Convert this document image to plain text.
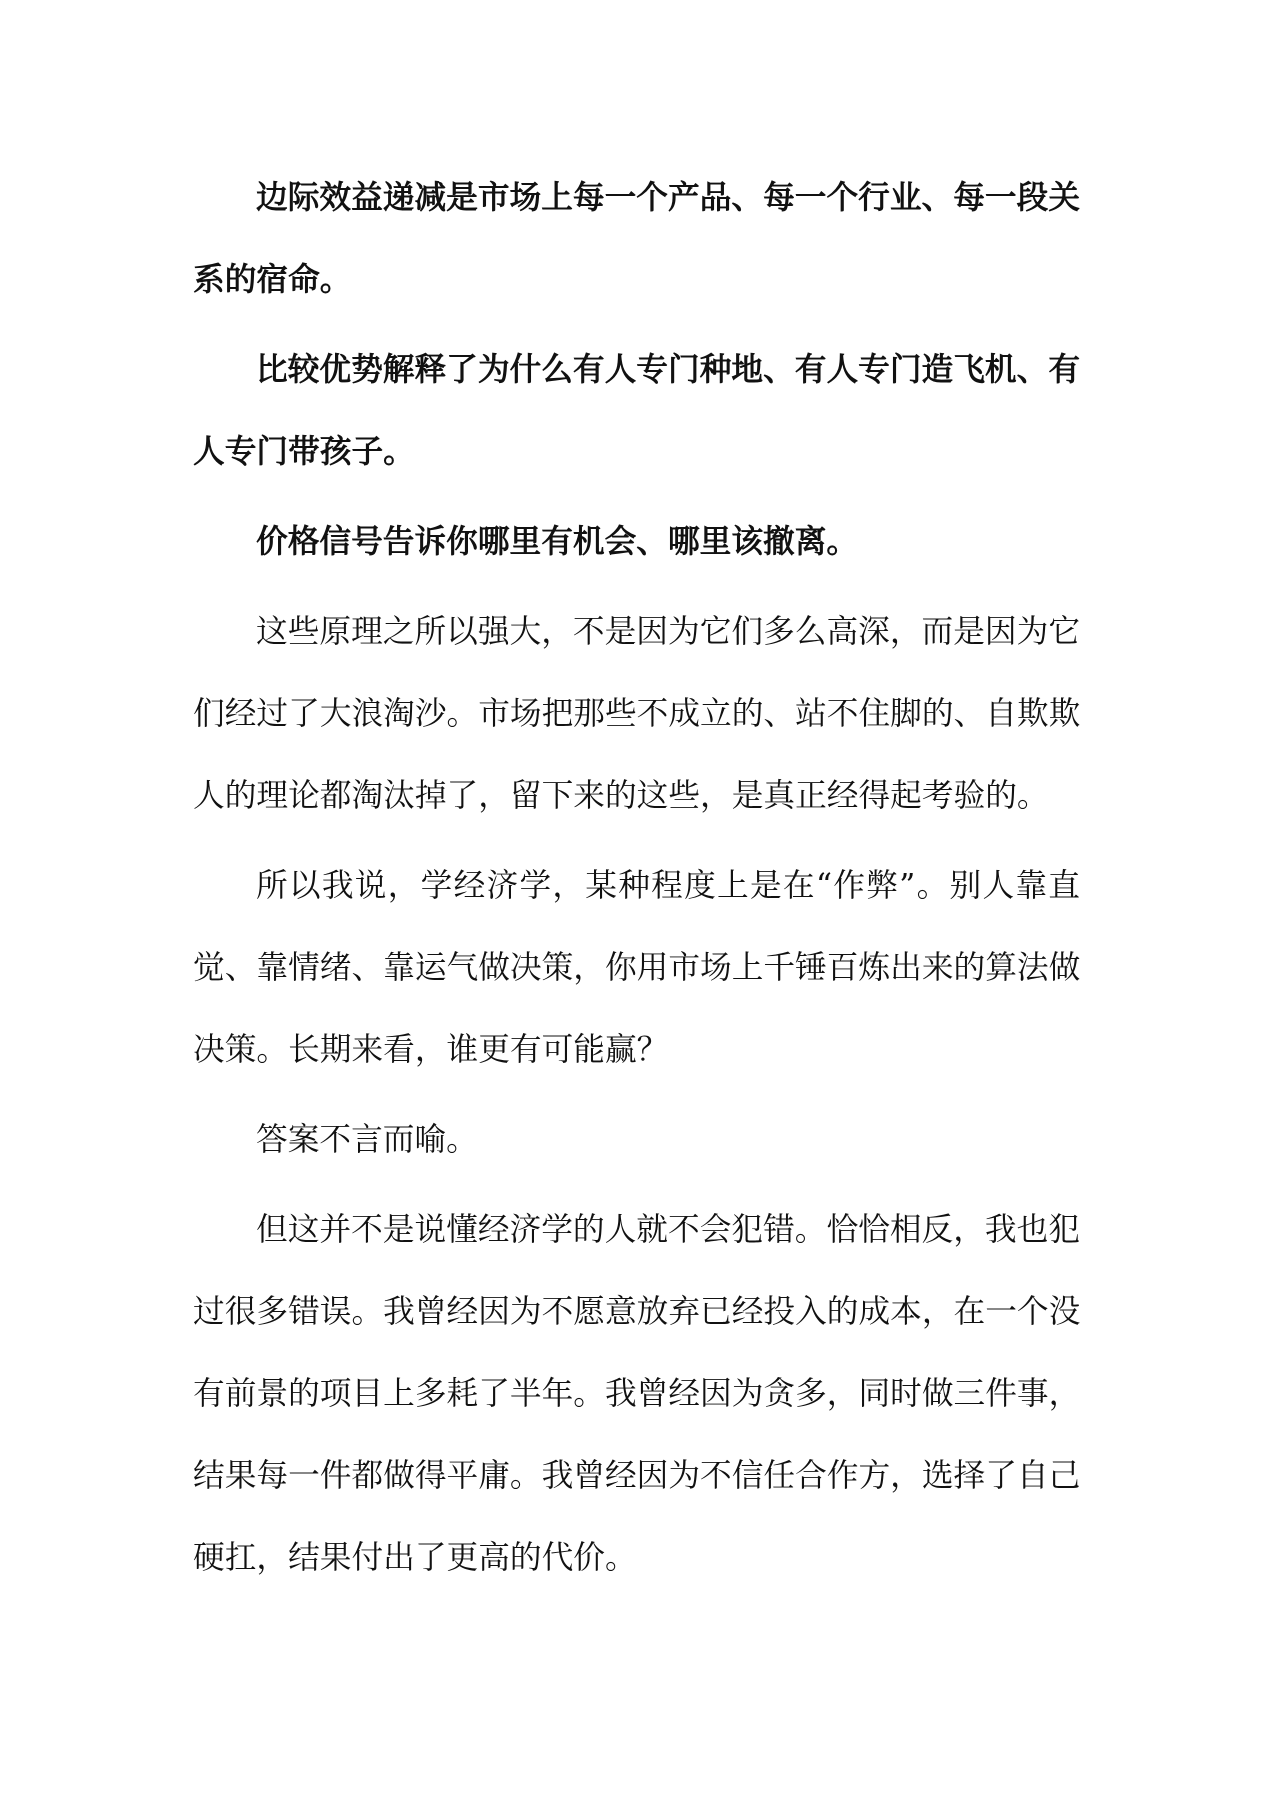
边际效益递减是市场上每一个产品、每一个行业、每一段关
系的宿命。
比较优势解释了为什么有人专门种地、有人专门造飞机、有
人专门带孩子。
价格信号告诉你哪里有机会、哪里该撤离。
这些原理之所以强大，不是因为它们多么高深，而是因为它
们经过了大浪淘沙。市场把那些不成立的、站不住脚的、自欺欺
人的理论都淘汰掉了，留下来的这些，是真正经得起考验的。
所以我说，学经济学，某种程度上是在“作弊”。别人靠直
觉、靠情绪、靠运气做决策，你用市场上千锤百炼出来的算法做
决策。长期来看，谁更有可能赢？
答案不言而喻。
但这并不是说懂经济学的人就不会犯错。恰恰相反，我也犯
过很多错误。我曾经因为不愿意放弃已经投入的成本，在一个没
有前景的项目上多耗了半年。我曾经因为贪多，同时做三件事，
结果每一件都做得平庸。我曾经因为不信任合作方，选择了自己
硬扛，结果付出了更高的代价。
